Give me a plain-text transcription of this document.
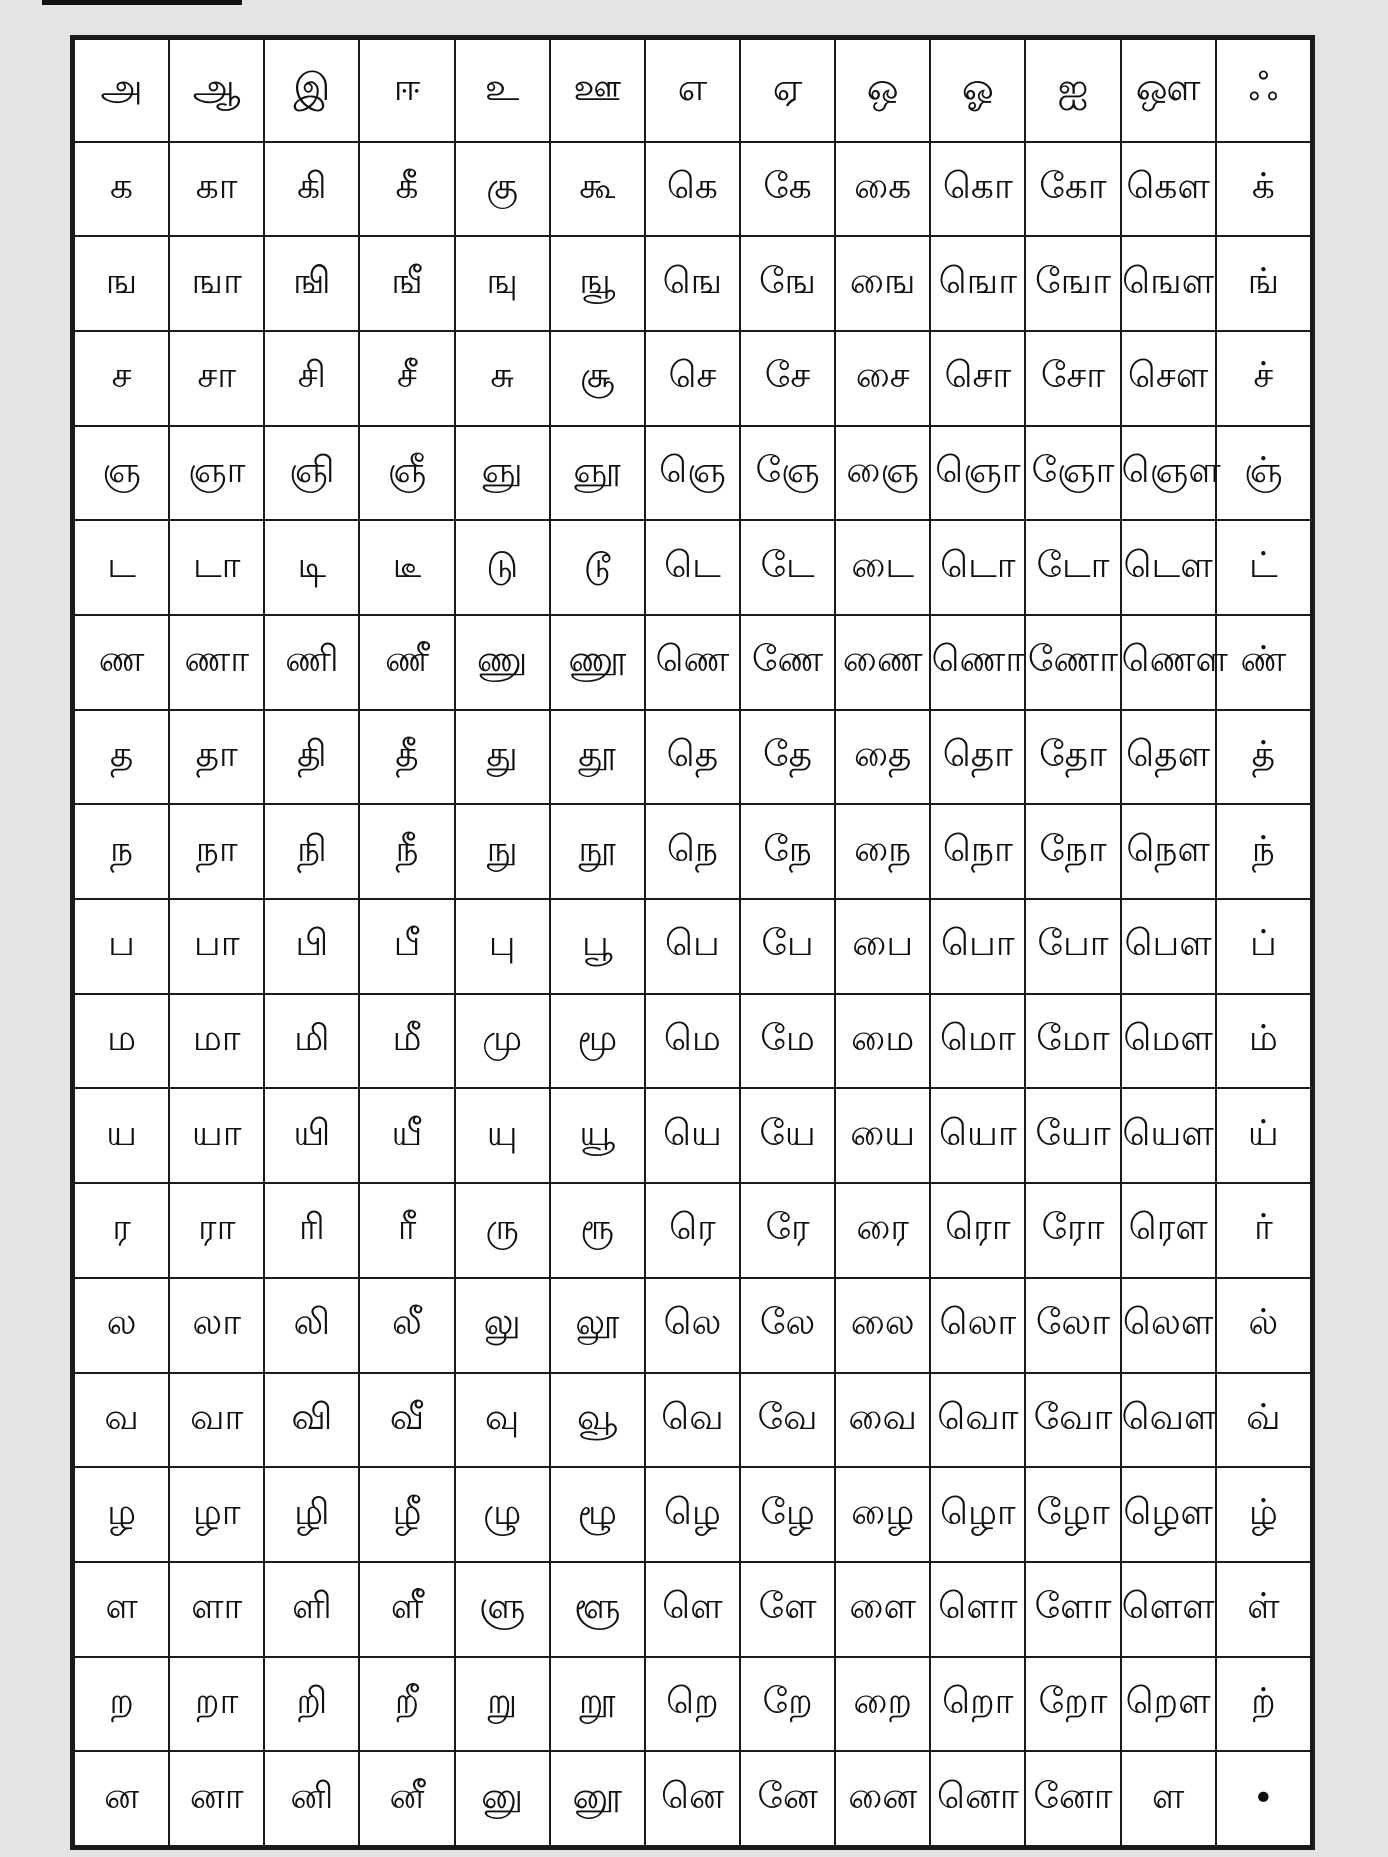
அ	ஆ	இ	ஈ	உ	ஊ	எ	ஏ	ஒ	ஓ	ஐ	ஔ	ஃ
க	கா	கி	கீ	கு	கூ	கெ	கே	கை	கொ	கோ	கௌ	க்
ங	ஙா	ஙி	ஙீ	ஙு	ஙூ	ஙெ	ஙே	ஙை	ஙொ	ஙோ	ஙௌ	ங்
ச	சா	சி	சீ	சு	சூ	செ	சே	சை	சொ	சோ	சௌ	ச்
ஞ	ஞா	ஞி	ஞீ	ஞு	ஞூ	ஞெ	ஞே	ஞை	ஞொ	ஞோ	ஞௌ	ஞ்
ட	டா	டி	டீ	டு	டூ	டெ	டே	டை	டொ	டோ	டௌ	ட்
ண	ணா	ணி	ணீ	ணு	ணூ	ணெ	ணே	ணை	ணொ	ணோ	ணௌ	ண்
த	தா	தி	தீ	து	தூ	தெ	தே	தை	தொ	தோ	தௌ	த்
ந	நா	நி	நீ	நு	நூ	நெ	நே	நை	நொ	நோ	நௌ	ந்
ப	பா	பி	பீ	பு	பூ	பெ	பே	பை	பொ	போ	பௌ	ப்
ம	மா	மி	மீ	மு	மூ	மெ	மே	மை	மொ	மோ	மௌ	ம்
ய	யா	யி	யீ	யு	யூ	யெ	யே	யை	யொ	யோ	யௌ	ய்
ர	ரா	ரி	ரீ	ரு	ரூ	ரெ	ரே	ரை	ரொ	ரோ	ரௌ	ர்
ல	லா	லி	லீ	லு	லூ	லெ	லே	லை	லொ	லோ	லௌ	ல்
வ	வா	வி	வீ	வு	வூ	வெ	வே	வை	வொ	வோ	வௌ	வ்
ழ	ழா	ழி	ழீ	ழு	ழூ	ழெ	ழே	ழை	ழொ	ழோ	ழௌ	ழ்
ள	ளா	ளி	ளீ	ளு	ளூ	ளெ	ளே	ளை	ளொ	ளோ	ளௌ	ள்
ற	றா	றி	றீ	று	றூ	றெ	றே	றை	றொ	றோ	றௌ	ற்
ன	னா	னி	னீ	னு	னூ	னெ	னே	னை	னொ	னோ	ள	•
